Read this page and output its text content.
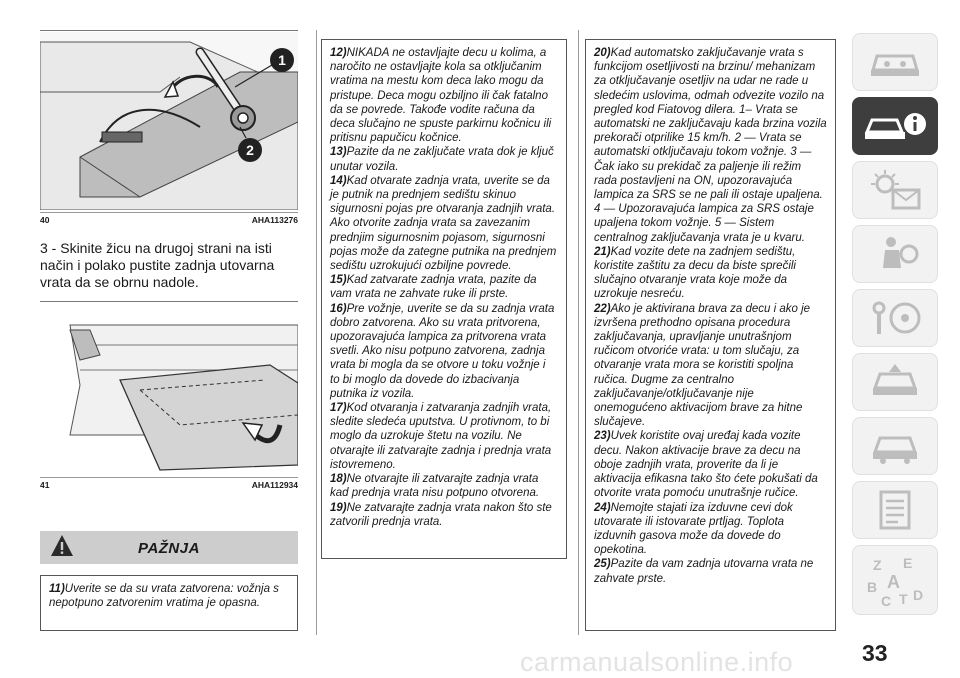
1
2
40	AHA113276
3 - Skinite žicu na drugoj strani na isti način i polako pustite zadnja utovarna vrata da se obrnu nadole.
41	AHA112934
PAŽNJA

11)Uverite se da su vrata zatvorena: vožnja s nepotpuno zatvorenim vratima je opasna.

12)NIKADA ne ostavljajte decu u kolima, a naročito ne ostavljajte kola sa otključanim vratima na mestu kom deca lako mogu da pristupe. Deca mogu ozbiljno ili čak fatalno da se povrede. Takođe vodite računa da deca slučajno ne spuste parkirnu kočnicu ili pritisnu papučicu kočnice.

13)Pazite da ne zaključate vrata dok je ključ unutar vozila.

14)Kad otvarate zadnja vrata, uverite se da je putnik na prednjem sedištu skinuo sigurnosni pojas pre otvaranja zadnjih vrata. Ako otvorite zadnja vrata sa zavezanim prednjim sigurnosnim pojasom, sigurnosni pojas može da zategne putnika na prednjem sedištu uzrokujući ozbiljne povrede.

15)Kad zatvarate zadnja vrata, pazite da vam vrata ne zahvate ruke ili prste.

16)Pre vožnje, uverite se da su zadnja vrata dobro zatvorena. Ako su vrata pritvorena, upozoravajuća lampica za pritvorena vrata svetli. Ako nisu potpuno zatvorena, zadnja vrata bi mogla da se otvore u toku vožnje i to bi moglo da dovede do izbacivanja putnika iz vozila.

17)Kod otvaranja i zatvaranja zadnjih vrata, sledite sledeća uputstva. U protivnom, to bi moglo da uzrokuje štetu na vozilu. Ne otvarajte ili zatvarajte zadnja i prednja vrata istovremeno.

18)Ne otvarajte ili zatvarajte zadnja vrata kad prednja vrata nisu potpuno otvorena.

19)Ne zatvarajte zadnja vrata nakon što ste zatvorili prednja vrata.

20)Kad automatsko zaključavanje vrata s funkcijom osetljivosti na brzinu/ mehanizam za otključavanje osetljiv na udar ne rade u sledećim uslovima, odmah odvezite vozilo na pregled kod Fiatovog dilera. 1– Vrata se automatski ne zaključavaju kada brzina vozila prekorači otprilike 15 km/h. 2 — Vrata se automatski otključavaju tokom vožnje. 3 — Čak iako su prekidač za paljenje ili režim rada postavljeni na ON, upozoravajuća lampica za SRS se ne pali ili ostaje upaljena. 4 — Upozoravajuća lampica za SRS ostaje upaljena tokom vožnje. 5 — Sistem centralnog zaključavanja vrata je u kvaru.

21)Kad vozite dete na zadnjem sedištu, koristite zaštitu za decu da biste sprečili slučajno otvaranje vrata koje može da uzrokuje nesreću.

22)Ako je aktivirana brava za decu i ako je izvršena prethodno opisana procedura zaključavanja, upravljanje unutrašnjom ručicom otvoriće vrata: u tom slučaju, za otvaranje vrata mora se koristiti spoljna ručica. Dugme za centralno zaključavanje/otključavanje nije onemogućeno aktivacijom brave za hitne slučajeve.

23)Uvek koristite ovaj uređaj kada vozite decu. Nakon aktivacije brave za decu na oboje zadnjih vrata, proverite da li je aktivacija efikasna tako što ćete pokušati da otvorite vrata pomoću unutrašnje ručice.

24)Nemojte stajati iza izduvne cevi dok utovarate ili istovarate prtljag. Toplota izduvnih gasova može da dovede do opekotina.

25)Pazite da vam zadnja utovarna vrata ne zahvate prste.

Z E
B A
C T D
33
carmanualsonline.info
